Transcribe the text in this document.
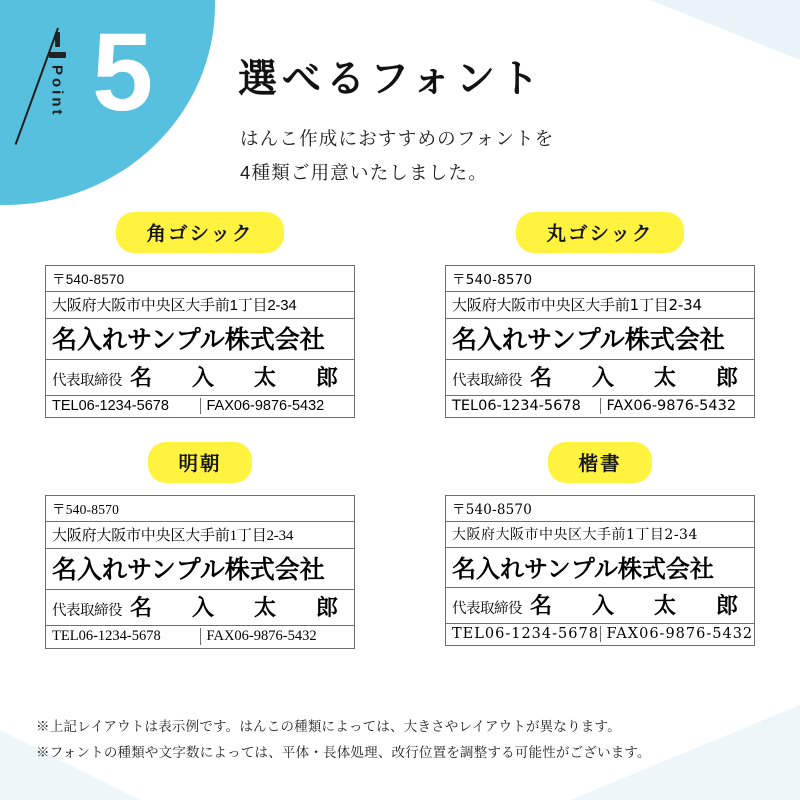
Point 5 選べるフォント
はんこ作成におすすめのフォントを
4種類ご用意いたしました。
角ゴシック
〒540-8570
大阪府大阪市中央区大手前1丁目2-34
名入れサンプル株式会社
代表取締役 名　入　太　郎
TEL06-1234-5678	FAX06-9876-5432
丸ゴシック
〒540-8570
大阪府大阪市中央区大手前1丁目2-34
名入れサンプル株式会社
代表取締役 名　入　太　郎
TEL06-1234-5678	FAX06-9876-5432
明朝
〒540-8570
大阪府大阪市中央区大手前1丁目2-34
名入れサンプル株式会社
代表取締役 名　入　太　郎
TEL06-1234-5678	FAX06-9876-5432
楷書
〒540-8570
大阪府大阪市中央区大手前1丁目2-34
名入れサンプル株式会社
代表取締役 名　入　太　郎
TEL06-1234-5678 FAX06-9876-5432
※上記レイアウトは表示例です。はんこの種類によっては、大きさやレイアウトが異なります。
※フォントの種類や文字数によっては、平体・長体処理、改行位置を調整する可能性がございます。
